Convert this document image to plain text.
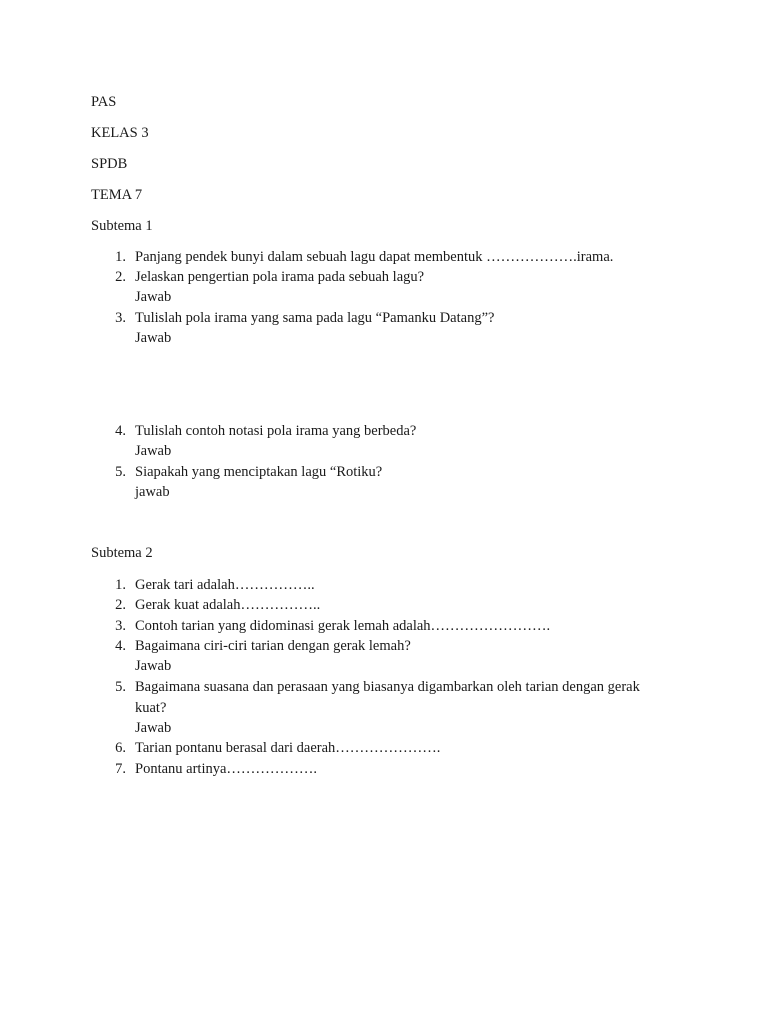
PAS
KELAS 3
SPDB
TEMA 7
Subtema 1
1. Panjang pendek bunyi dalam sebuah lagu dapat membentuk ……………….irama.
2. Jelaskan pengertian pola irama pada sebuah lagu?
Jawab
3. Tulislah pola irama yang sama pada lagu “Pamanku Datang”?
Jawab
4. Tulislah contoh notasi pola irama yang berbeda?
Jawab
5. Siapakah yang menciptakan lagu “Rotiku?
jawab
Subtema 2
1. Gerak tari adalah……………..
2. Gerak kuat adalah……………..
3. Contoh tarian yang didominasi gerak lemah adalah…………………….
4. Bagaimana ciri-ciri tarian dengan gerak lemah?
Jawab
5. Bagaimana suasana dan perasaan yang biasanya digambarkan oleh tarian dengan gerak kuat?
Jawab
6. Tarian pontanu berasal dari daerah………………….
7. Pontanu artinya……………….
